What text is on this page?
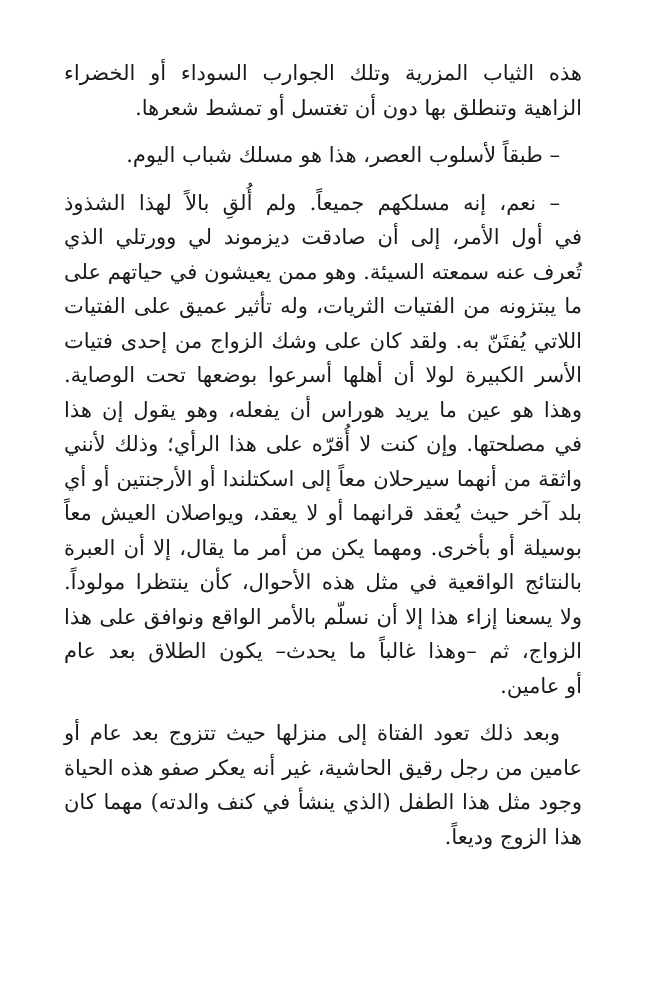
هذه الثياب المزرية وتلك الجوارب السوداء أو الخضراء
الزاهية وتنطلق بها دون أن تغتسل أو تمشط شعرها.
– طبقاً لأسلوب العصر، هذا هو مسلك شباب اليوم.
– نعم، إنه مسلكهم جميعاً. ولم أُلقِ بالاً لهذا الشذوذ
في أول الأمر، إلى أن صادقت ديزموند لي وورتلي الذي
تُعرف عنه سمعته السيئة. وهو ممن يعيشون في حياتهم على
ما يبتزونه من الفتيات الثريات، وله تأثير عميق على الفتيات
اللاتي يُفتَنّ به. ولقد كان على وشك الزواج من إحدى فتيات
الأسر الكبيرة لولا أن أهلها أسرعوا بوضعها تحت الوصاية.
وهذا هو عين ما يريد هوراس أن يفعله، وهو يقول إن هذا
في مصلحتها. وإن كنت لا أُقرّه على هذا الرأي؛ وذلك لأنني
واثقة من أنهما سيرحلان معاً إلى اسكتلندا أو الأرجنتين أو أي
بلد آخر حيث يُعقد قرانهما أو لا يعقد، ويواصلان العيش معاً
بوسيلة أو بأخرى. ومهما يكن من أمر ما يقال، إلا أن العبرة
بالنتائج الواقعية في مثل هذه الأحوال، كأن ينتظرا مولوداً.
ولا يسعنا إزاء هذا إلا أن نسلّم بالأمر الواقع ونوافق على هذا
الزواج، ثم –وهذا غالباً ما يحدث– يكون الطلاق بعد عام
أو عامين.
وبعد ذلك تعود الفتاة إلى منزلها حيث تتزوج بعد عام أو
عامين من رجل رقيق الحاشية، غير أنه يعكر صفو هذه الحياة
وجود مثل هذا الطفل (الذي ينشأ في كنف والدته) مهما كان
هذا الزوج وديعاً.
